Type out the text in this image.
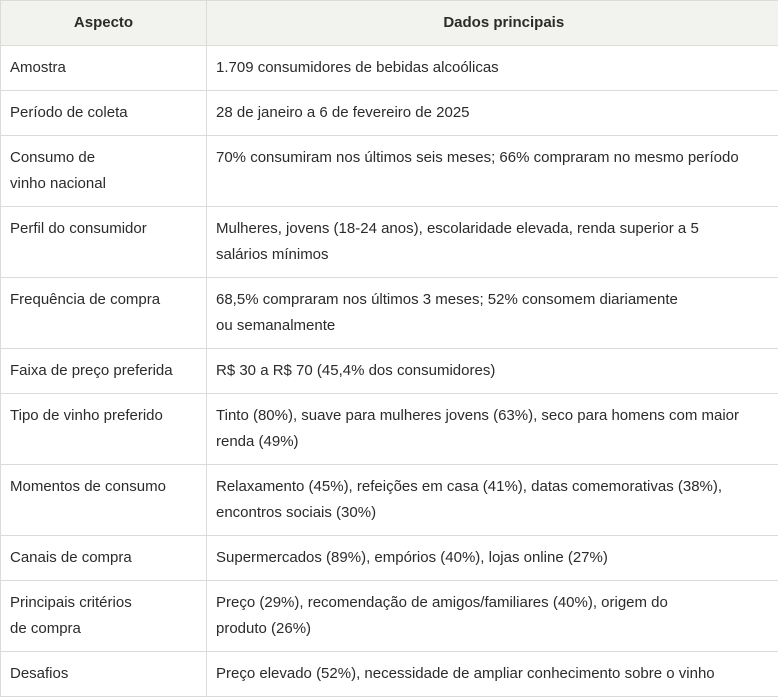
Aspecto	Dados principais
Amostra	1.709 consumidores de bebidas alcoólicas
Período de coleta	28 de janeiro a 6 de fevereiro de 2025
Consumo de
vinho nacional	70% consumiram nos últimos seis meses; 66% compraram no mesmo período
Perfil do consumidor	Mulheres, jovens (18-24 anos), escolaridade elevada, renda superior a 5
salários mínimos
Frequência de compra	68,5% compraram nos últimos 3 meses; 52% consomem diariamente
ou semanalmente
Faixa de preço preferida	R$ 30 a R$ 70 (45,4% dos consumidores)
Tipo de vinho preferido	Tinto (80%), suave para mulheres jovens (63%), seco para homens com maior
renda (49%)
Momentos de consumo	Relaxamento (45%), refeições em casa (41%), datas comemorativas (38%),
encontros sociais (30%)
Canais de compra	Supermercados (89%), empórios (40%), lojas online (27%)
Principais critérios
de compra	Preço (29%), recomendação de amigos/familiares (40%), origem do
produto (26%)
Desafios	Preço elevado (52%), necessidade de ampliar conhecimento sobre o vinho
